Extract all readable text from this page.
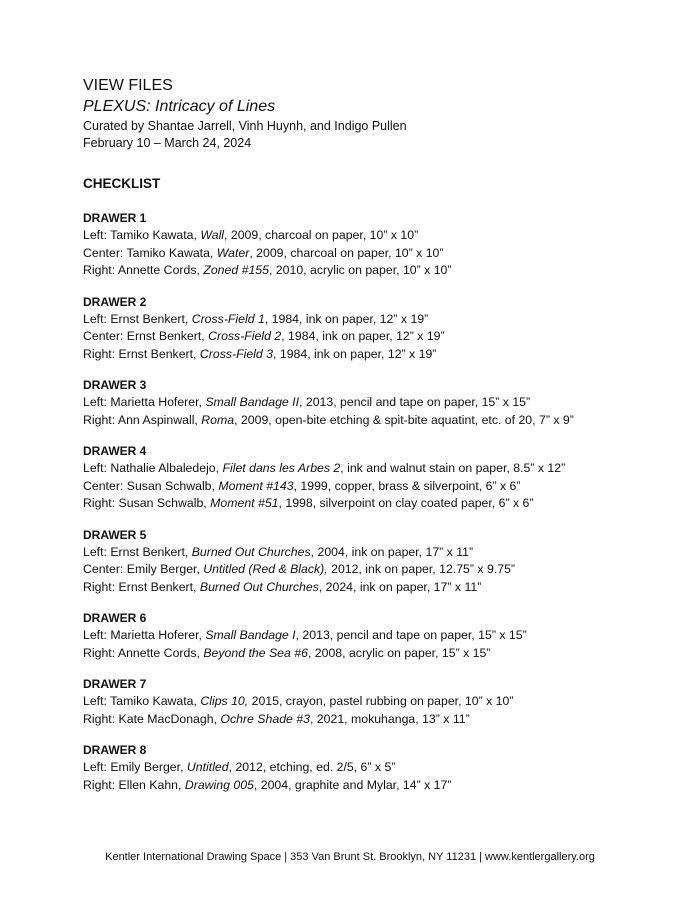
VIEW FILES
PLEXUS: Intricacy of Lines

Curated by Shantae Jarrell, Vinh Huynh, and Indigo Pullen

February 10 – March 24, 2024

CHECKLIST

DRAWER 1

Left: Tamiko Kawata, Wall, 2009, charcoal on paper, 10” x 10”

Center: Tamiko Kawata, Water, 2009, charcoal on paper, 10” x 10”

Right: Annette Cords, Zoned #155, 2010, acrylic on paper, 10” x 10”

DRAWER 2

Left: Ernst Benkert, Cross-Field 1, 1984, ink on paper, 12” x 19”

Center: Ernst Benkert, Cross-Field 2, 1984, ink on paper, 12” x 19”

Right: Ernst Benkert, Cross-Field 3, 1984, ink on paper, 12” x 19”

DRAWER 3

Left: Marietta Hoferer, Small Bandage II, 2013, pencil and tape on paper, 15” x 15”

Right: Ann Aspinwall, Roma, 2009, open-bite etching & spit-bite aquatint, etc. of 20, 7” x 9”

DRAWER 4

Left: Nathalie Albaledejo, Filet dans les Arbes 2, ink and walnut stain on paper, 8.5” x 12”

Center: Susan Schwalb, Moment #143, 1999, copper, brass & silverpoint, 6” x 6”

Right: Susan Schwalb, Moment #51, 1998, silverpoint on clay coated paper, 6” x 6”

DRAWER 5

Left: Ernst Benkert, Burned Out Churches, 2004, ink on paper, 17” x 11”

Center: Emily Berger, Untitled (Red & Black), 2012, ink on paper, 12.75” x 9.75”

Right: Ernst Benkert, Burned Out Churches, 2024, ink on paper, 17” x 11”

DRAWER 6

Left: Marietta Hoferer, Small Bandage I, 2013, pencil and tape on paper, 15” x 15”

Right: Annette Cords, Beyond the Sea #6, 2008, acrylic on paper, 15” x 15”

DRAWER 7

Left: Tamiko Kawata, Clips 10, 2015, crayon, pastel rubbing on paper, 10” x 10”

Right: Kate MacDonagh, Ochre Shade #3, 2021, mokuhanga, 13” x 11”

DRAWER 8

Left: Emily Berger, Untitled, 2012, etching, ed. 2/5, 6” x 5”

Right: Ellen Kahn, Drawing 005, 2004, graphite and Mylar, 14” x 17”

Kentler International Drawing Space | 353 Van Brunt St. Brooklyn, NY 11231 | www.kentlergallery.org
